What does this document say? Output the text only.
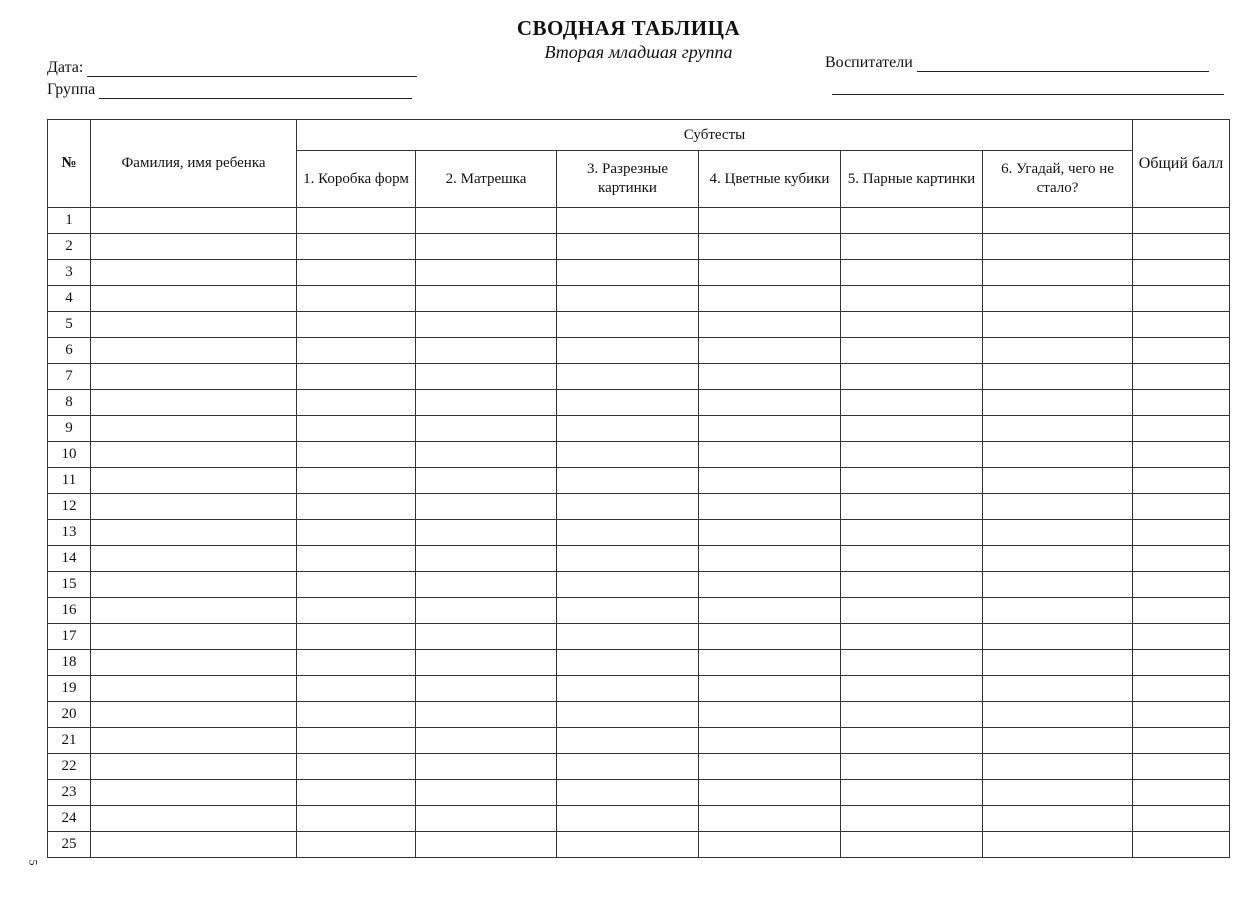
СВОДНАЯ ТАБЛИЦА
Вторая младшая группа
Дата:
Группа
Воспитатели
№	Фамилия, имя ребенка	Субтесты						Общий балл
		1. Коробка форм	2. Матрешка	3. Разрезные картинки	4. Цветные кубики	5. Парные картинки	6. Угадай, чего не стало?	
1								
2								
3								
4								
5								
6								
7								
8								
9								
10								
11								
12								
13								
14								
15								
16								
17								
18								
19								
20								
21								
22								
23								
24								
25								
5
